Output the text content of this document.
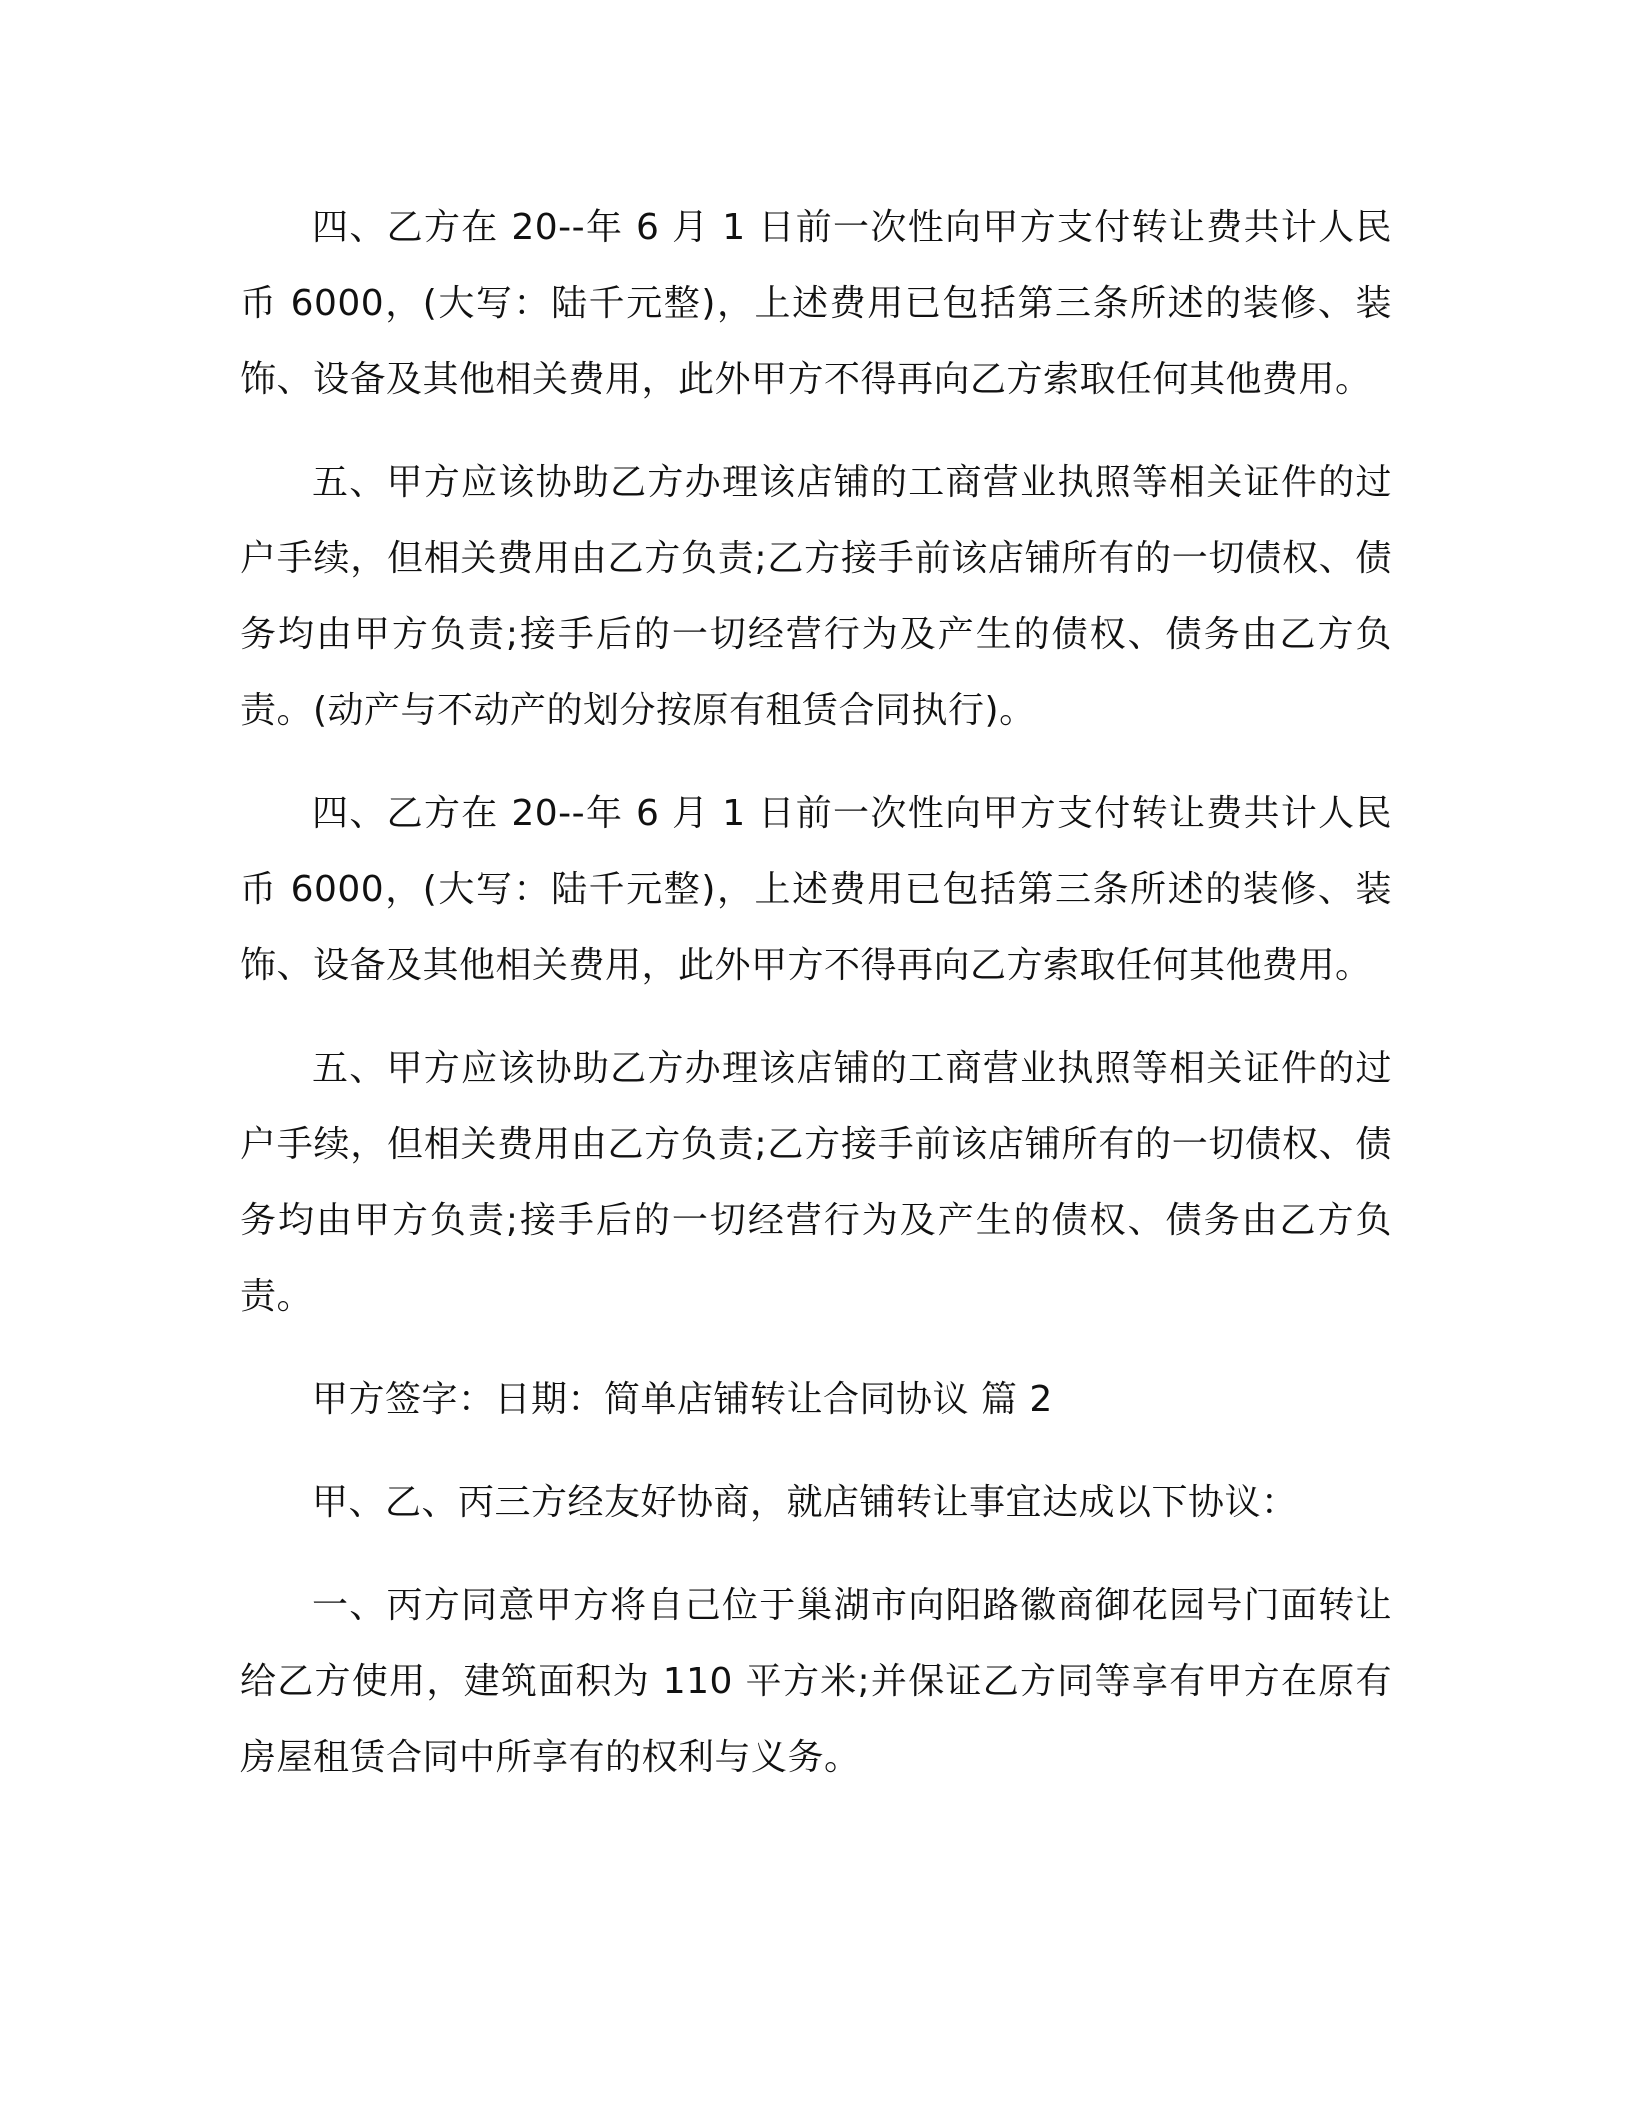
四、乙方在 20--年 6 月 1 日前一次性向甲方支付转让费共计人民币 6000，(大写：陆千元整)，上述费用已包括第三条所述的装修、装饰、设备及其他相关费用，此外甲方不得再向乙方索取任何其他费用。

五、甲方应该协助乙方办理该店铺的工商营业执照等相关证件的过户手续，但相关费用由乙方负责;乙方接手前该店铺所有的一切债权、债务均由甲方负责;接手后的一切经营行为及产生的债权、债务由乙方负责。(动产与不动产的划分按原有租赁合同执行)。

四、乙方在 20--年 6 月 1 日前一次性向甲方支付转让费共计人民币 6000，(大写：陆千元整)，上述费用已包括第三条所述的装修、装饰、设备及其他相关费用，此外甲方不得再向乙方索取任何其他费用。

五、甲方应该协助乙方办理该店铺的工商营业执照等相关证件的过户手续，但相关费用由乙方负责;乙方接手前该店铺所有的一切债权、债务均由甲方负责;接手后的一切经营行为及产生的债权、债务由乙方负责。

甲方签字：日期：简单店铺转让合同协议 篇 2

甲、乙、丙三方经友好协商，就店铺转让事宜达成以下协议：

一、丙方同意甲方将自己位于巢湖市向阳路徽商御花园号门面转让给乙方使用，建筑面积为 110 平方米;并保证乙方同等享有甲方在原有房屋租赁合同中所享有的权利与义务。
